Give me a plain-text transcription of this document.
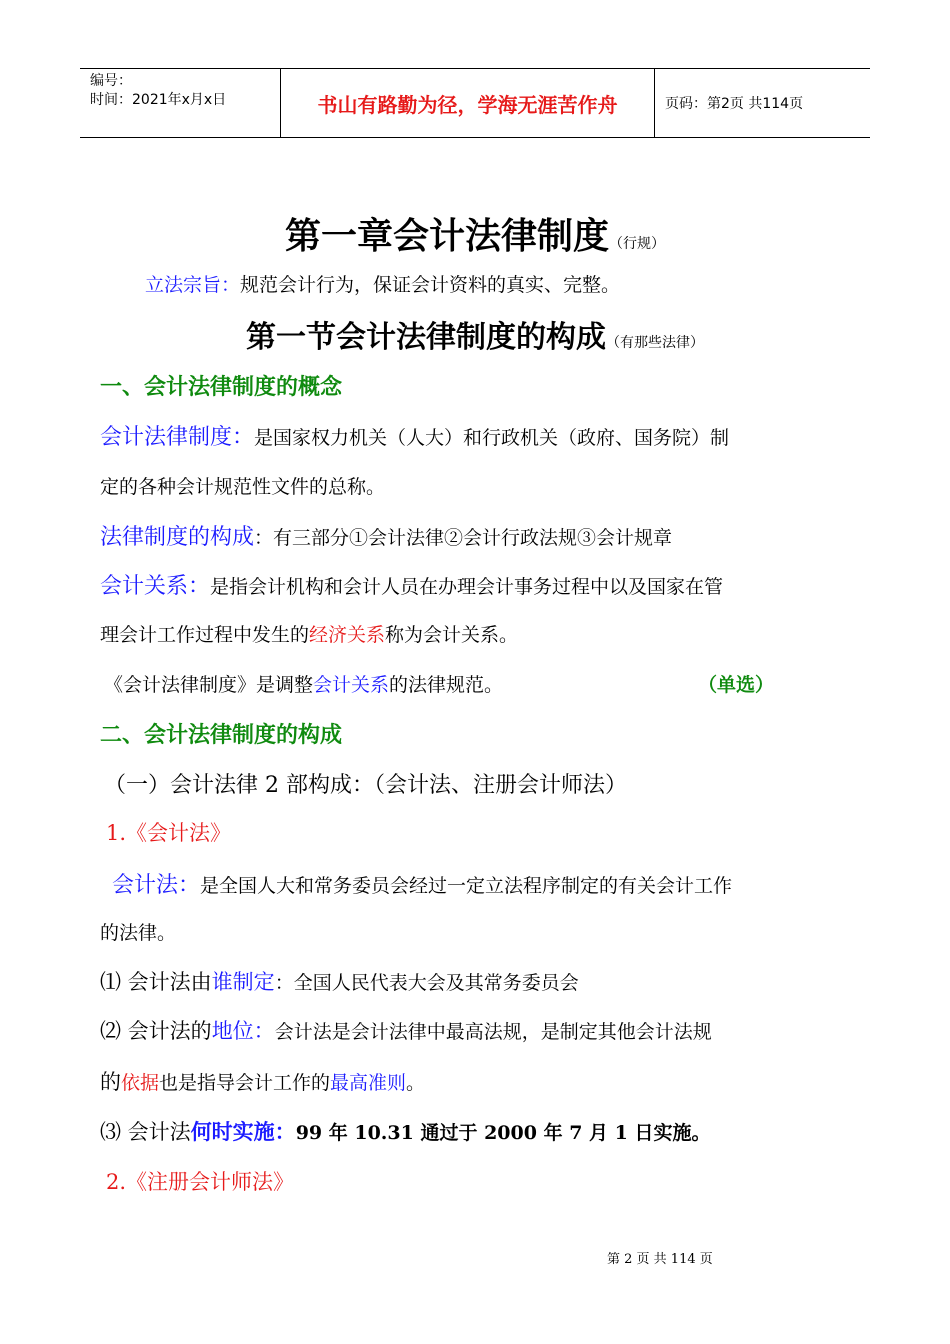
编号：
时间：2021年x月x日	书山有路勤为径，学海无涯苦作舟	页码：第2页 共114页
第一章会计法律制度（行规）
立法宗旨：规范会计行为，保证会计资料的真实、完整。
第一节会计法律制度的构成（有那些法律）
一、会计法律制度的概念
会计法律制度：是国家权力机关（人大）和行政机关（政府、国务院）制
定的各种会计规范性文件的总称。
法律制度的构成：有三部分①会计法律②会计行政法规③会计规章
会计关系：是指会计机构和会计人员在办理会计事务过程中以及国家在管
理会计工作过程中发生的经济关系称为会计关系。
《会计法律制度》是调整会计关系的法律规范。	（单选）
二、会计法律制度的构成
（一）会计法律 2 部构成：（会计法、注册会计师法）
1.《会计法》
会计法：是全国人大和常务委员会经过一定立法程序制定的有关会计工作
的法律。
⑴ 会计法由谁制定：全国人民代表大会及其常务委员会
⑵ 会计法的地位：会计法是会计法律中最高法规，是制定其他会计法规
的依据也是指导会计工作的最高准则。
⑶ 会计法何时实施：99 年 10.31 通过于 2000 年 7 月 1 日实施。
2.《注册会计师法》
第 2 页 共 114 页
